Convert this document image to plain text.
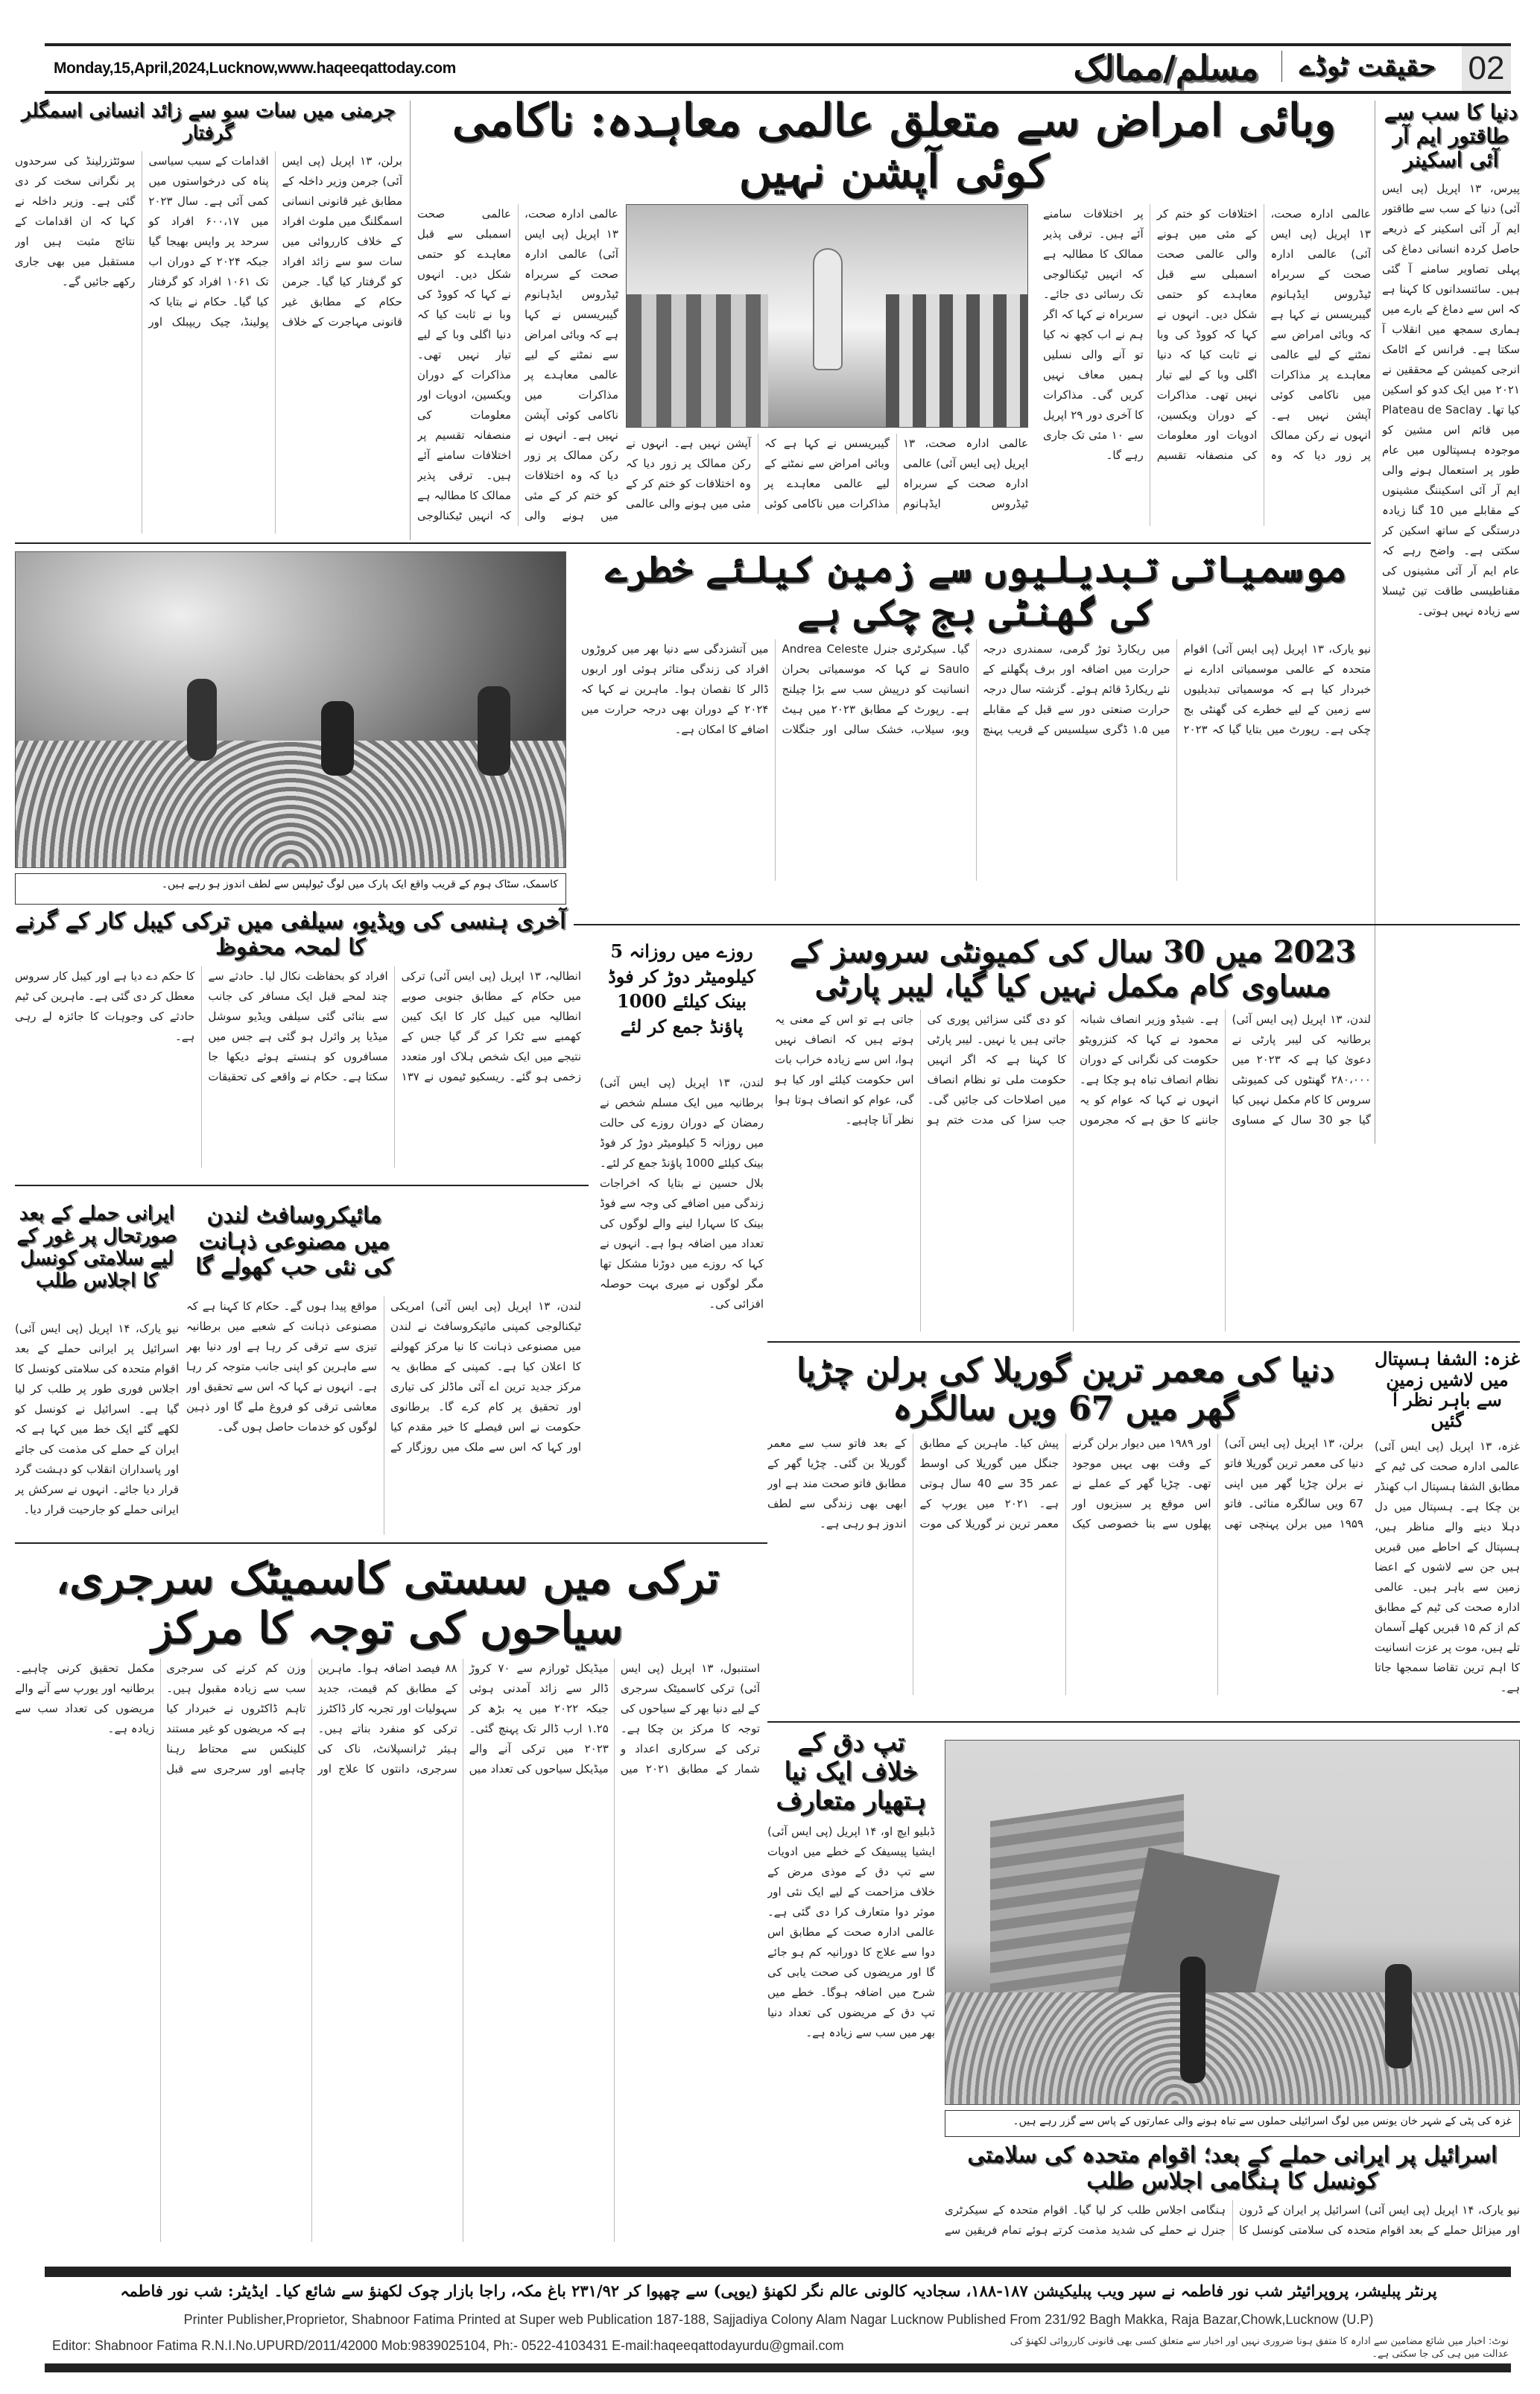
02
حقیقت ٹوڈے
مسلم/ممالک
Monday,15,April,2024,Lucknow,www.haqeeqattoday.com
دنیا کا سب سے طاقتور ایم آر آئی اسکینر
پیرس، ۱۳ اپریل (پی ایس آئی) دنیا کے سب سے طاقتور ایم آر آئی اسکینر کے ذریعے حاصل کردہ انسانی دماغ کی پہلی تصاویر سامنے آ گئی ہیں۔ سائنسدانوں کا کہنا ہے کہ اس سے دماغ کے بارے میں ہماری سمجھ میں انقلاب آ سکتا ہے۔ فرانس کے اٹامک انرجی کمیشن کے محققین نے ۲۰۲۱ میں ایک کدو کو اسکین کیا تھا۔ Plateau de Saclay میں قائم اس مشین کو موجودہ ہسپتالوں میں عام طور پر استعمال ہونے والی ایم آر آئی اسکیننگ مشینوں کے مقابلے میں 10 گنا زیادہ درستگی کے ساتھ اسکین کر سکتی ہے۔ واضح رہے کہ عام ایم آر آئی مشینوں کی مقناطیسی طاقت تین ٹیسلا سے زیادہ نہیں ہوتی۔
وبائی امراض سے متعلق عالمی معاہدہ: ناکامی کوئی آپشن نہیں
عالمی ادارہ صحت، ۱۳ اپریل (پی ایس آئی) عالمی ادارہ صحت کے سربراہ ٹیڈروس ایڈہانوم گیبریسس نے کہا ہے کہ وبائی امراض سے نمٹنے کے لیے عالمی معاہدے پر مذاکرات میں ناکامی کوئی آپشن نہیں ہے۔ انہوں نے رکن ممالک پر زور دیا کہ وہ اختلافات کو ختم کر کے مئی میں ہونے والی عالمی صحت اسمبلی سے قبل معاہدے کو حتمی شکل دیں۔ انہوں نے کہا کہ کووڈ کی وبا نے ثابت کیا کہ دنیا اگلی وبا کے لیے تیار نہیں تھی۔ مذاکرات کے دوران ویکسین، ادویات اور معلومات کی منصفانہ تقسیم پر اختلافات سامنے آئے ہیں۔ ترقی پذیر ممالک کا مطالبہ ہے کہ انہیں ٹیکنالوجی تک رسائی دی جائے۔ سربراہ نے کہا کہ اگر ہم نے اب کچھ نہ کیا تو آنے والی نسلیں ہمیں معاف نہیں کریں گی۔ مذاکرات کا آخری دور ۲۹ اپریل سے ۱۰ مئی تک جاری رہے گا۔
عالمی ادارہ صحت، ۱۳ اپریل (پی ایس آئی) عالمی ادارہ صحت کے سربراہ ٹیڈروس ایڈہانوم گیبریسس نے کہا ہے کہ وبائی امراض سے نمٹنے کے لیے عالمی معاہدے پر مذاکرات میں ناکامی کوئی آپشن نہیں ہے۔ انہوں نے رکن ممالک پر زور دیا کہ وہ اختلافات کو ختم کر کے مئی میں ہونے والی عالمی
عالمی ادارہ صحت، ۱۳ اپریل (پی ایس آئی) عالمی ادارہ صحت کے سربراہ ٹیڈروس ایڈہانوم گیبریسس نے کہا ہے کہ وبائی امراض سے نمٹنے کے لیے عالمی معاہدے پر مذاکرات میں ناکامی کوئی آپشن نہیں ہے۔ انہوں نے رکن ممالک پر زور دیا کہ وہ اختلافات کو ختم کر کے مئی میں ہونے والی عالمی صحت اسمبلی سے قبل معاہدے کو حتمی شکل دیں۔ انہوں نے کہا کہ کووڈ کی وبا نے ثابت کیا کہ دنیا اگلی وبا کے لیے تیار نہیں تھی۔ مذاکرات کے دوران ویکسین، ادویات اور معلومات کی منصفانہ تقسیم پر اختلافات سامنے آئے ہیں۔ ترقی پذیر ممالک کا مطالبہ ہے کہ انہیں ٹیکنالوجی
جرمنی میں سات سو سے زائد انسانی اسمگلر گرفتار
برلن، ۱۳ اپریل (پی ایس آئی) جرمن وزیر داخلہ کے مطابق غیر قانونی انسانی اسمگلنگ میں ملوث افراد کے خلاف کارروائی میں سات سو سے زائد افراد کو گرفتار کیا گیا۔ جرمن حکام کے مطابق غیر قانونی مہاجرت کے خلاف اقدامات کے سبب سیاسی پناہ کی درخواستوں میں کمی آئی ہے۔ سال ۲۰۲۳ میں ۶۰۰،۱۷ افراد کو سرحد پر واپس بھیجا گیا جبکہ ۲۰۲۴ کے دوران اب تک ۱۰۶۱ افراد کو گرفتار کیا گیا۔ حکام نے بتایا کہ پولینڈ، چیک ریپبلک اور سوئٹزرلینڈ کی سرحدوں پر نگرانی سخت کر دی گئی ہے۔ وزیر داخلہ نے کہا کہ ان اقدامات کے نتائج مثبت ہیں اور مستقبل میں بھی جاری رکھے جائیں گے۔
کاسمک، سٹاک ہوم کے قریب واقع ایک پارک میں لوگ ٹیولپس سے لطف اندوز ہو رہے ہیں۔
موسمیاتی تبدیلیوں سے زمین کیلئے خطرے کی گھنٹی بج چکی ہے
نیو یارک، ۱۳ اپریل (پی ایس آئی) اقوام متحدہ کے عالمی موسمیاتی ادارے نے خبردار کیا ہے کہ موسمیاتی تبدیلیوں سے زمین کے لیے خطرے کی گھنٹی بج چکی ہے۔ رپورٹ میں بتایا گیا کہ ۲۰۲۳ میں ریکارڈ توڑ گرمی، سمندری درجہ حرارت میں اضافہ اور برف پگھلنے کے نئے ریکارڈ قائم ہوئے۔ گزشتہ سال درجہ حرارت صنعتی دور سے قبل کے مقابلے میں ۱.۵ ڈگری سیلسیس کے قریب پہنچ گیا۔ سیکرٹری جنرل Andrea Celeste Saulo نے کہا کہ موسمیاتی بحران انسانیت کو درپیش سب سے بڑا چیلنج ہے۔ رپورٹ کے مطابق ۲۰۲۳ میں ہیٹ ویو، سیلاب، خشک سالی اور جنگلات میں آتشزدگی سے دنیا بھر میں کروڑوں افراد کی زندگی متاثر ہوئی اور اربوں ڈالر کا نقصان ہوا۔ ماہرین نے کہا کہ ۲۰۲۴ کے دوران بھی درجہ حرارت میں اضافے کا امکان ہے۔
آخری ہنسی کی ویڈیو، سیلفی میں ترکی کیبل کار کے گرنے کا لمحہ محفوظ
انطالیہ، ۱۳ اپریل (پی ایس آئی) ترکی میں حکام کے مطابق جنوبی صوبے انطالیہ میں کیبل کار کا ایک کیبن کھمبے سے ٹکرا کر گر گیا جس کے نتیجے میں ایک شخص ہلاک اور متعدد زخمی ہو گئے۔ ریسکیو ٹیموں نے ۱۳۷ افراد کو بحفاظت نکال لیا۔ حادثے سے چند لمحے قبل ایک مسافر کی جانب سے بنائی گئی سیلفی ویڈیو سوشل میڈیا پر وائرل ہو گئی ہے جس میں مسافروں کو ہنستے ہوئے دیکھا جا سکتا ہے۔ حکام نے واقعے کی تحقیقات کا حکم دے دیا ہے اور کیبل کار سروس معطل کر دی گئی ہے۔ ماہرین کی ٹیم حادثے کی وجوہات کا جائزہ لے رہی ہے۔
روزے میں روزانہ 5 کیلومیٹر دوڑ کر فوڈ بینک کیلئے 1000 پاؤنڈ جمع کر لئے
لندن، ۱۳ اپریل (پی ایس آئی) برطانیہ میں ایک مسلم شخص نے رمضان کے دوران روزے کی حالت میں روزانہ 5 کیلومیٹر دوڑ کر فوڈ بینک کیلئے 1000 پاؤنڈ جمع کر لئے۔ بلال حسین نے بتایا کہ اخراجات زندگی میں اضافے کی وجہ سے فوڈ بینک کا سہارا لینے والے لوگوں کی تعداد میں اضافہ ہوا ہے۔ انہوں نے کہا کہ روزے میں دوڑنا مشکل تھا مگر لوگوں نے میری بہت حوصلہ افزائی کی۔
2023 میں 30 سال کی کمیونٹی سروسز کے مساوی کام مکمل نہیں کیا گیا، لیبر پارٹی
لندن، ۱۳ اپریل (پی ایس آئی) برطانیہ کی لیبر پارٹی نے دعویٰ کیا ہے کہ ۲۰۲۳ میں ۲۸۰،۰۰۰ گھنٹوں کی کمیونٹی سروس کا کام مکمل نہیں کیا گیا جو 30 سال کے مساوی ہے۔ شیڈو وزیر انصاف شبانہ محمود نے کہا کہ کنزرویٹو حکومت کی نگرانی کے دوران نظام انصاف تباہ ہو چکا ہے۔ انہوں نے کہا کہ عوام کو یہ جاننے کا حق ہے کہ مجرموں کو دی گئی سزائیں پوری کی جاتی ہیں یا نہیں۔ لیبر پارٹی کا کہنا ہے کہ اگر انہیں حکومت ملی تو نظام انصاف میں اصلاحات کی جائیں گی۔ جب سزا کی مدت ختم ہو جاتی ہے تو اس کے معنی یہ ہوتے ہیں کہ انصاف نہیں ہوا، اس سے زیادہ خراب بات اس حکومت کیلئے اور کیا ہو گی، عوام کو انصاف ہوتا ہوا نظر آنا چاہیے۔
مائیکروسافٹ لندن میں مصنوعی ذہانت کی نئی حب کھولے گا
لندن، ۱۳ اپریل (پی ایس آئی) امریکی ٹیکنالوجی کمپنی مائیکروسافٹ نے لندن میں مصنوعی ذہانت کا نیا مرکز کھولنے کا اعلان کیا ہے۔ کمپنی کے مطابق یہ مرکز جدید ترین اے آئی ماڈلز کی تیاری اور تحقیق پر کام کرے گا۔ برطانوی حکومت نے اس فیصلے کا خیر مقدم کیا اور کہا کہ اس سے ملک میں روزگار کے مواقع پیدا ہوں گے۔ حکام کا کہنا ہے کہ مصنوعی ذہانت کے شعبے میں برطانیہ تیزی سے ترقی کر رہا ہے اور دنیا بھر سے ماہرین کو اپنی جانب متوجہ کر رہا ہے۔ انہوں نے کہا کہ اس سے تحقیق اور معاشی ترقی کو فروغ ملے گا اور ذہین لوگوں کو خدمات حاصل ہوں گی۔
ایرانی حملے کے بعد صورتحال پر غور کے لیے سلامتی کونسل کا اجلاس طلب
نیو یارک، ۱۴ اپریل (پی ایس آئی) اسرائیل پر ایرانی حملے کے بعد اقوام متحدہ کی سلامتی کونسل کا اجلاس فوری طور پر طلب کر لیا گیا ہے۔ اسرائیل نے کونسل کو لکھے گئے ایک خط میں کہا ہے کہ ایران کے حملے کی مذمت کی جائے اور پاسداران انقلاب کو دہشت گرد قرار دیا جائے۔ انہوں نے سرکش پر ایرانی حملے کو جارحیت قرار دیا۔
دنیا کی معمر ترین گوریلا کی برلن چڑیا گھر میں 67 ویں سالگرہ
برلن، ۱۳ اپریل (پی ایس آئی) دنیا کی معمر ترین گوریلا فاتو نے برلن چڑیا گھر میں اپنی 67 ویں سالگرہ منائی۔ فاتو ۱۹۵۹ میں برلن پہنچی تھی اور ۱۹۸۹ میں دیوار برلن گرنے کے وقت بھی یہیں موجود تھی۔ چڑیا گھر کے عملے نے اس موقع پر سبزیوں اور پھلوں سے بنا خصوصی کیک پیش کیا۔ ماہرین کے مطابق جنگل میں گوریلا کی اوسط عمر 35 سے 40 سال ہوتی ہے۔ ۲۰۲۱ میں یورپ کے معمر ترین نر گوریلا کی موت کے بعد فاتو سب سے معمر گوریلا بن گئی۔ چڑیا گھر کے مطابق فاتو صحت مند ہے اور ابھی بھی زندگی سے لطف اندوز ہو رہی ہے۔
غزہ: الشفا ہسپتال میں لاشیں زمین سے باہر نظر آ گئیں
غزہ، ۱۳ اپریل (پی ایس آئی) عالمی ادارہ صحت کی ٹیم کے مطابق الشفا ہسپتال اب کھنڈر بن چکا ہے۔ ہسپتال میں دل دہلا دینے والے مناظر ہیں، ہسپتال کے احاطے میں قبریں ہیں جن سے لاشوں کے اعضا زمین سے باہر ہیں۔ عالمی ادارہ صحت کی ٹیم کے مطابق کم از کم ۱۵ قبریں کھلے آسمان تلے ہیں، موت پر عزت انسانیت کا اہم ترین تقاضا سمجھا جاتا ہے۔
ترکی میں سستی کاسمیٹک سرجری، سیاحوں کی توجہ کا مرکز
استنبول، ۱۳ اپریل (پی ایس آئی) ترکی کاسمیٹک سرجری کے لیے دنیا بھر کے سیاحوں کی توجہ کا مرکز بن چکا ہے۔ ترکی کے سرکاری اعداد و شمار کے مطابق ۲۰۲۱ میں میڈیکل ٹورازم سے ۷۰ کروڑ ڈالر سے زائد آمدنی ہوئی جبکہ ۲۰۲۲ میں یہ بڑھ کر ۱.۲۵ ارب ڈالر تک پہنچ گئی۔ ۲۰۲۳ میں ترکی آنے والے میڈیکل سیاحوں کی تعداد میں ۸۸ فیصد اضافہ ہوا۔ ماہرین کے مطابق کم قیمت، جدید سہولیات اور تجربہ کار ڈاکٹرز ترکی کو منفرد بناتے ہیں۔ ہیئر ٹرانسپلانٹ، ناک کی سرجری، دانتوں کا علاج اور وزن کم کرنے کی سرجری سب سے زیادہ مقبول ہیں۔ تاہم ڈاکٹروں نے خبردار کیا ہے کہ مریضوں کو غیر مستند کلینکس سے محتاط رہنا چاہیے اور سرجری سے قبل مکمل تحقیق کرنی چاہیے۔ برطانیہ اور یورپ سے آنے والے مریضوں کی تعداد سب سے زیادہ ہے۔	تپ دق کے خلاف ایک نیا ہتھیار متعارف
ڈبلیو ایچ او، ۱۴ اپریل (پی ایس آئی) ایشیا پیسیفک کے خطے میں ادویات سے تپ دق کے موذی مرض کے خلاف مزاحمت کے لیے ایک نئی اور موثر دوا متعارف کرا دی گئی ہے۔ عالمی ادارہ صحت کے مطابق اس دوا سے علاج کا دورانیہ کم ہو جائے گا اور مریضوں کی صحت یابی کی شرح میں اضافہ ہوگا۔ خطے میں تپ دق کے مریضوں کی تعداد دنیا بھر میں سب سے زیادہ ہے۔
غزہ کی پٹی کے شہر خان یونس میں لوگ اسرائیلی حملوں سے تباہ ہونے والی عمارتوں کے پاس سے گزر رہے ہیں۔
اسرائیل پر ایرانی حملے کے بعد؛ اقوام متحدہ کی سلامتی کونسل کا ہنگامی اجلاس طلب
نیو یارک، ۱۴ اپریل (پی ایس آئی) اسرائیل پر ایران کے ڈرون اور میزائل حملے کے بعد اقوام متحدہ کی سلامتی کونسل کا ہنگامی اجلاس طلب کر لیا گیا۔ اقوام متحدہ کے سیکرٹری جنرل نے حملے کی شدید مذمت کرتے ہوئے تمام فریقین سے
پرنٹر پبلیشر، پروپرائیٹر شب نور فاطمہ نے سپر ویب پبلیکیشن ۱۸۷-۱۸۸، سجادیہ کالونی عالم نگر لکھنؤ (یوپی) سے چھپوا کر ۲۳۱/۹۲ باغ مکہ، راجا بازار چوک لکھنؤ سے شائع کیا۔ ایڈیٹر: شب نور فاطمہ
Printer Publisher,Proprietor, Shabnoor Fatima Printed at Super web Publication 187-188, Sajjadiya Colony Alam Nagar Lucknow Published From 231/92 Bagh Makka, Raja Bazar,Chowk,Lucknow (U.P)
Editor: Shabnoor Fatima R.N.I.No.UPURD/2011/42000 Mob:9839025104, Ph:- 0522-4103431 E-mail:haqeeqattodayurdu@gmail.com	نوٹ: اخبار میں شائع مضامین سے ادارہ کا متفق ہونا ضروری نہیں اور اخبار سے متعلق کسی بھی قانونی کارروائی لکھنؤ کی عدالت میں ہی کی جا سکتی ہے۔
